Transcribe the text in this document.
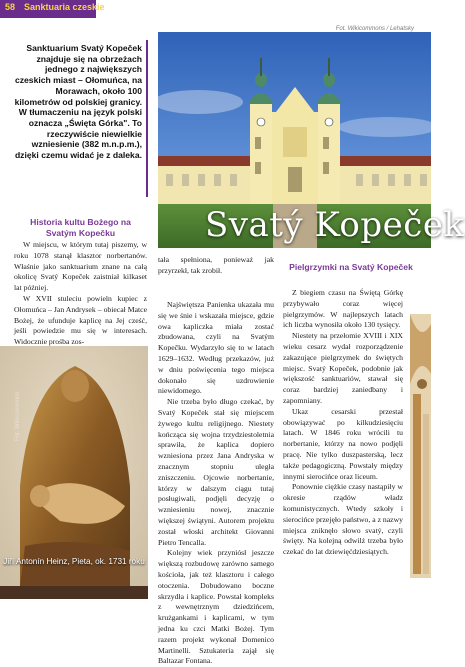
58 Sanktuaria czeskie
Fot. Wikicommons / Lehatsky
Sanktuarium Svatý Kopeček znajduje się na obrzeżach jednego z największych czeskich miast – Ołomuńca, na Morawach, około 100 kilometrów od polskiej granicy. W tłumaczeniu na język polski oznacza „Święta Górka". To rzeczywiście niewielkie wzniesienie (382 m.n.p.m.), dzięki czemu widać je z daleka.
Svatý Kopeček
Historia kultu Bożego na Svatým Kopečku

W miejscu, w którym tutaj piszemy, w roku 1078 stanął klasztor norbertanów. Właśnie jako sanktuarium znane na całą okolicę Svatý Kopeček zaistniał kilkaset lat później.

W XVII stuleciu powieln kupiec z Ołomuńca – Jan Andrysek – obiecał Matce Bożej, że ufunduje kaplicę na Jej cześć, jeśli powiedzie mu się w interesach. Widocznie prośba zos-

Fot. Wikicommons
Jiří Antonín Heinz, Pieta, ok. 1731 roku
tała spełniona, ponieważ jak przyrzekł, tak zrobił.

Najświętsza Panienka ukazała mu się we śnie i wskazała miejsce, gdzie owa kapliczka miała zostać zbudowana, czyli na Svatým Kopečku. Wydarzyło się to w latach 1629–1632. Według przekazów, już w dniu poświęcenia tego miejsca dokonało się uzdrowienie niewidomego.

Nie trzeba było długo czekać, by Svatý Kopeček stał się miejscem żywego kultu religijnego. Niestety kończąca się wojna trzydziestoletnia sprawiła, że kaplica dopiero wzniesiona przez Jana Andryska w znacznym stopniu uległa zniszczeniu. Ojcowie norbertanie, którzy w dalszym ciągu tutaj posługiwali, podjęli decyzję o wzniesieniu nowej, znacznie większej świątyni. Autorem projektu został włoski architekt Giovanni Pietro Tencalla.

Kolejny wiek przyniósł jeszcze większą rozbudowę zarówno samego kościoła, jak też klasztoru i całego otoczenia. Dobudowano boczne skrzydła i kaplice. Powstał kompleks z wewnętrznym dziedzińcem, krużgankami i kaplicami, w tym jedna ku czci Matki Bożej. Tym razem projekt wykonał Domenico Martinelli. Sztukateria zajął się Baltazar Fontana.

Pielgrzymki na Svatý Kopeček

Z biegiem czasu na Świętą Górkę przybywało coraz więcej pielgrzymów. W najlepszych latach ich liczba wynosiła około 130 tysięcy.

Niestety na przełomie XVIII i XIX wieku cesarz wydał rozporządzenie zakazujące pielgrzymek do świętych miejsc. Svatý Kopeček, podobnie jak większość sanktuariów, stawał się coraz bardziej zaniedbany i zapomniany.

Ukaz cesarski przestał obowiązywać po kilkudziesięciu latach. W 1846 roku wrócili tu norbertanie, którzy na nowo podjęli pracę. Nie tylko duszpasterską, lecz także pedagogiczną. Powstały między innymi sierocińce oraz liceum.

Ponownie ciężkie czasy nastąpiły w okresie rządów władz komunistycznych. Wtedy szkoły i sierocińce przejęło państwo, a z nazwy miejsca zniknęło słowo svatý, czyli święty. Na kolejną odwilż trzeba było czekać do lat dziewięćdziesiątych.
